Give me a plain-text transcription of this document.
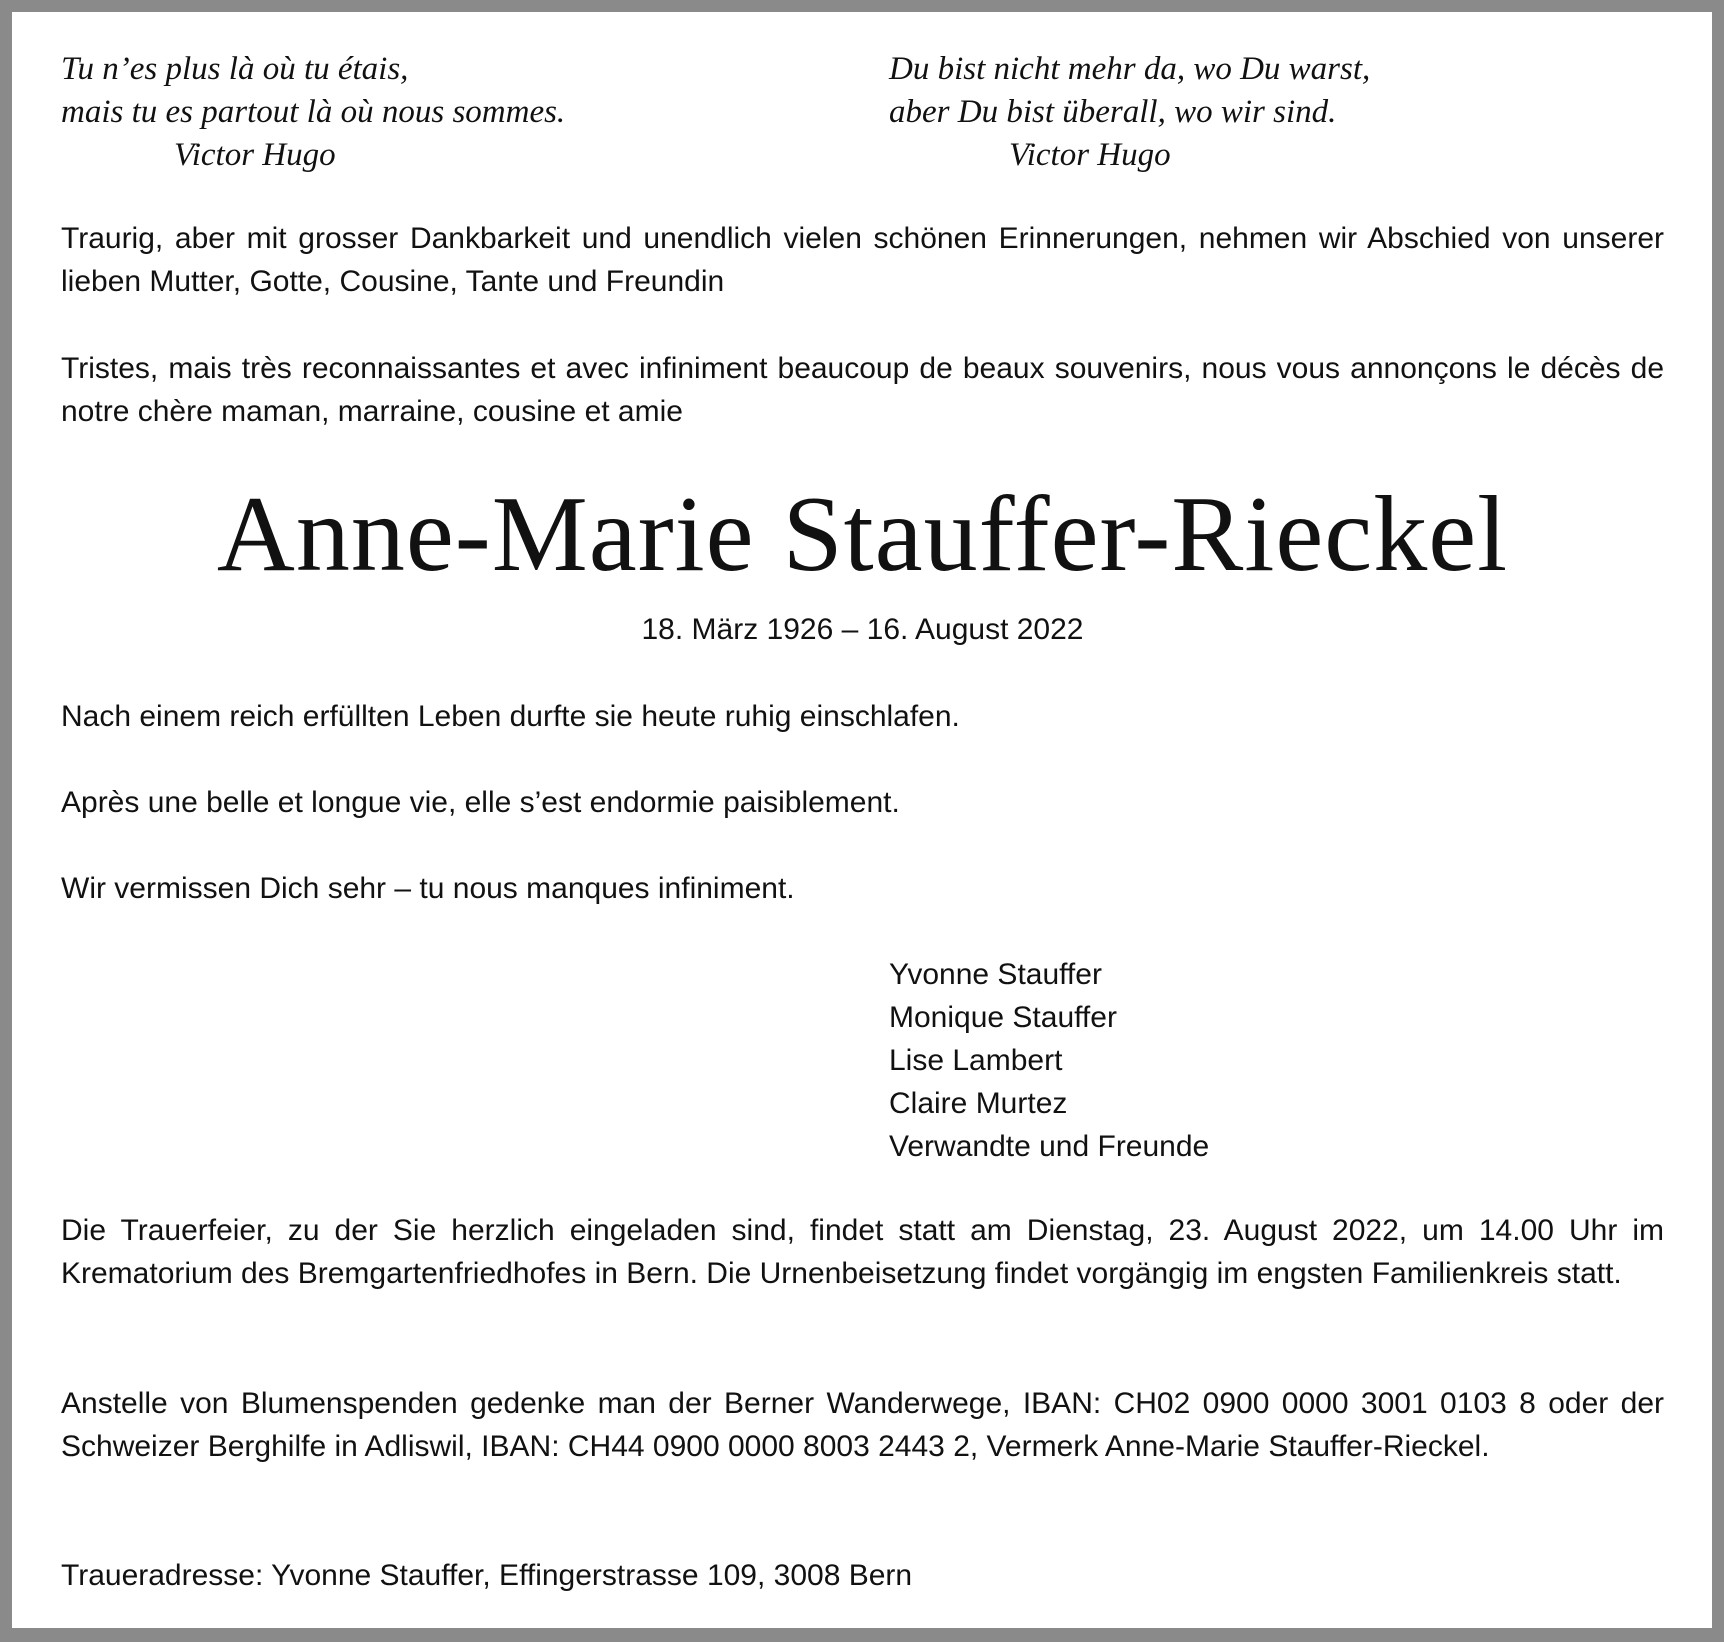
Tu n’es plus là où tu étais,
mais tu es partout là où nous sommes.
Victor Hugo
Du bist nicht mehr da, wo Du warst,
aber Du bist überall, wo wir sind.
Victor Hugo
Traurig, aber mit grosser Dankbarkeit und unendlich vielen schönen Erinnerungen, nehmen wir Abschied von unserer lieben Mutter, Gotte, Cousine, Tante und Freundin
Tristes, mais très reconnaissantes et avec infiniment beaucoup de beaux souvenirs, nous vous annonçons le décès de notre chère maman, marraine, cousine et amie
Anne-Marie Stauffer-Rieckel
18. März 1926 – 16. August 2022
Nach einem reich erfüllten Leben durfte sie heute ruhig einschlafen.
Après une belle et longue vie, elle s’est endormie paisiblement.
Wir vermissen Dich sehr – tu nous manques infiniment.
Yvonne Stauffer
Monique Stauffer
Lise Lambert
Claire Murtez
Verwandte und Freunde
Die Trauerfeier, zu der Sie herzlich eingeladen sind, findet statt am Dienstag, 23. August 2022, um 14.00 Uhr im Krematorium des Bremgartenfriedhofes in Bern. Die Urnenbeisetzung findet vorgängig im engsten Familienkreis statt.
Anstelle von Blumenspenden gedenke man der Berner Wanderwege, IBAN: CH02 0900 0000 3001 0103 8 oder der Schweizer Berghilfe in Adliswil, IBAN: CH44 0900 0000 8003 2443 2, Vermerk Anne-Marie Stauffer-Rieckel.
Traueradresse: Yvonne Stauffer, Effingerstrasse 109, 3008 Bern
